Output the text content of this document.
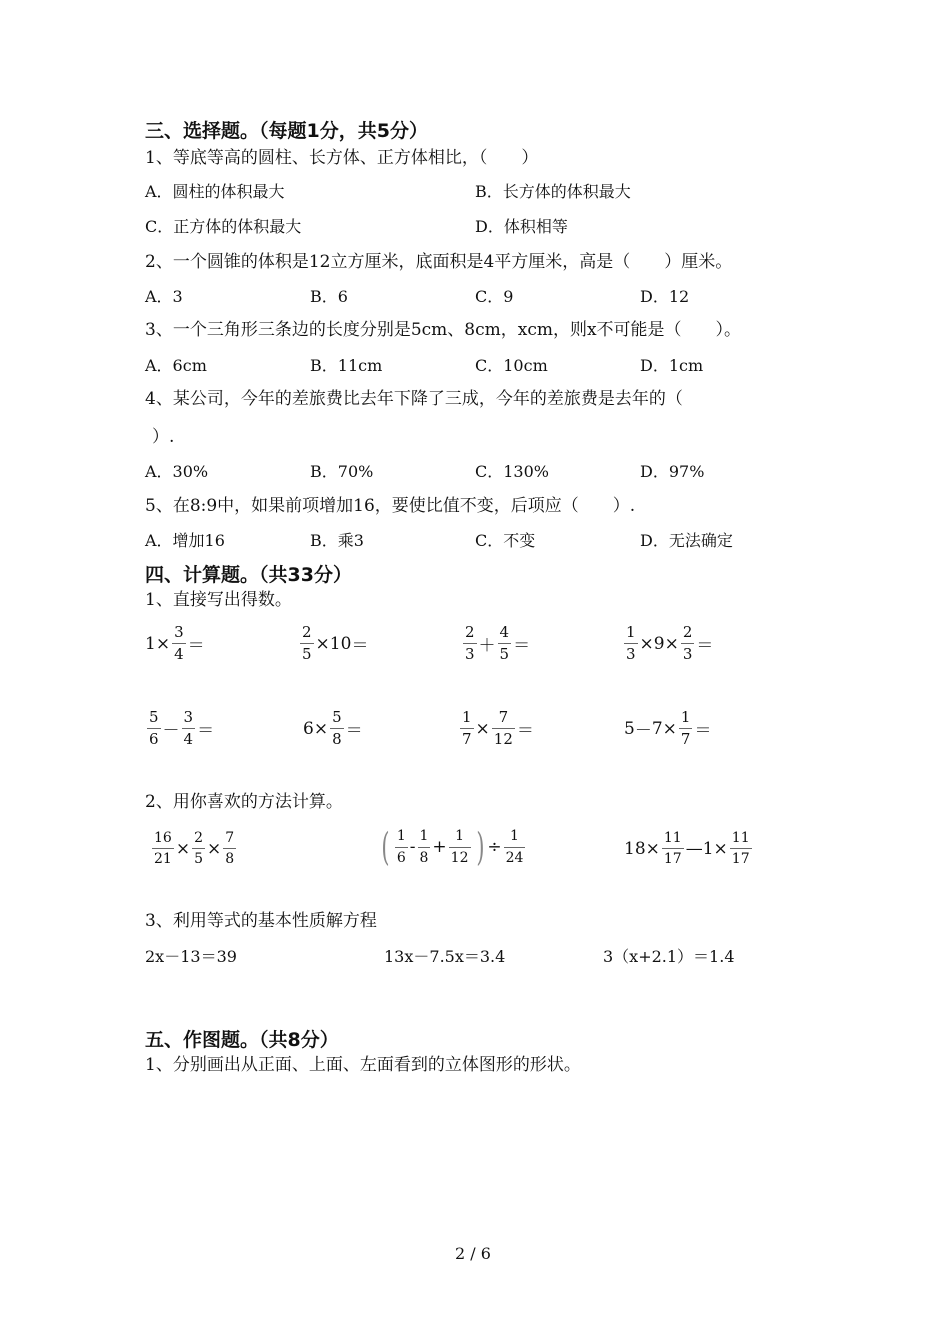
三、选择题。（每题1分，共5分）
1、等底等高的圆柱、长方体、正方体相比，（　　）
A．圆柱的体积最大	B．长方体的体积最大
C．正方体的体积最大	D．体积相等
2、一个圆锥的体积是12立方厘米，底面积是4平方厘米，高是（　　）厘米。
A．3	B．6	C．9	D．12
3、一个三角形三条边的长度分别是5cm、8cm，xcm，则x不可能是（　　）。
A．6cm	B．11cm	C．10cm	D．1cm
4、某公司，今年的差旅费比去年下降了三成，今年的差旅费是去年的（
）.
A．30%	B．70%	C．130%	D．97%
5、在8:9中，如果前项增加16，要使比值不变，后项应（　　）.
A．增加16	B．乘3	C．不变	D．无法确定
四、计算题。（共33分）
1、直接写出得数。
$1 \times \frac{3}{4}$ ＝	$\frac{2}{5} \times 10$ ＝	$\frac{2}{3} + \frac{4}{5}$ ＝	$\frac{1}{3} \times 9 \times \frac{2}{3}$ ＝
$\frac{5}{6} - \frac{3}{4}$ ＝	$6 \times \frac{5}{8}$ ＝	$\frac{1}{7} \times \frac{7}{12}$ ＝	$5 - 7 \times \frac{1}{7}$ ＝
2、用你喜欢的方法计算。
$\frac{16}{21} \times \frac{2}{5} \times \frac{7}{8}$	( $\frac{1}{6} - \frac{1}{8} + \frac{1}{12}$ ) ÷ $\frac{1}{24}$	$18 \times \frac{11}{17}$ — $1 \times \frac{11}{17}$
3、利用等式的基本性质解方程
2x－13＝39	13x－7.5x＝3.4	3（x+2.1）＝1.4
五、作图题。（共8分）
1、分别画出从正面、上面、左面看到的立体图形的形状。
2 / 6
